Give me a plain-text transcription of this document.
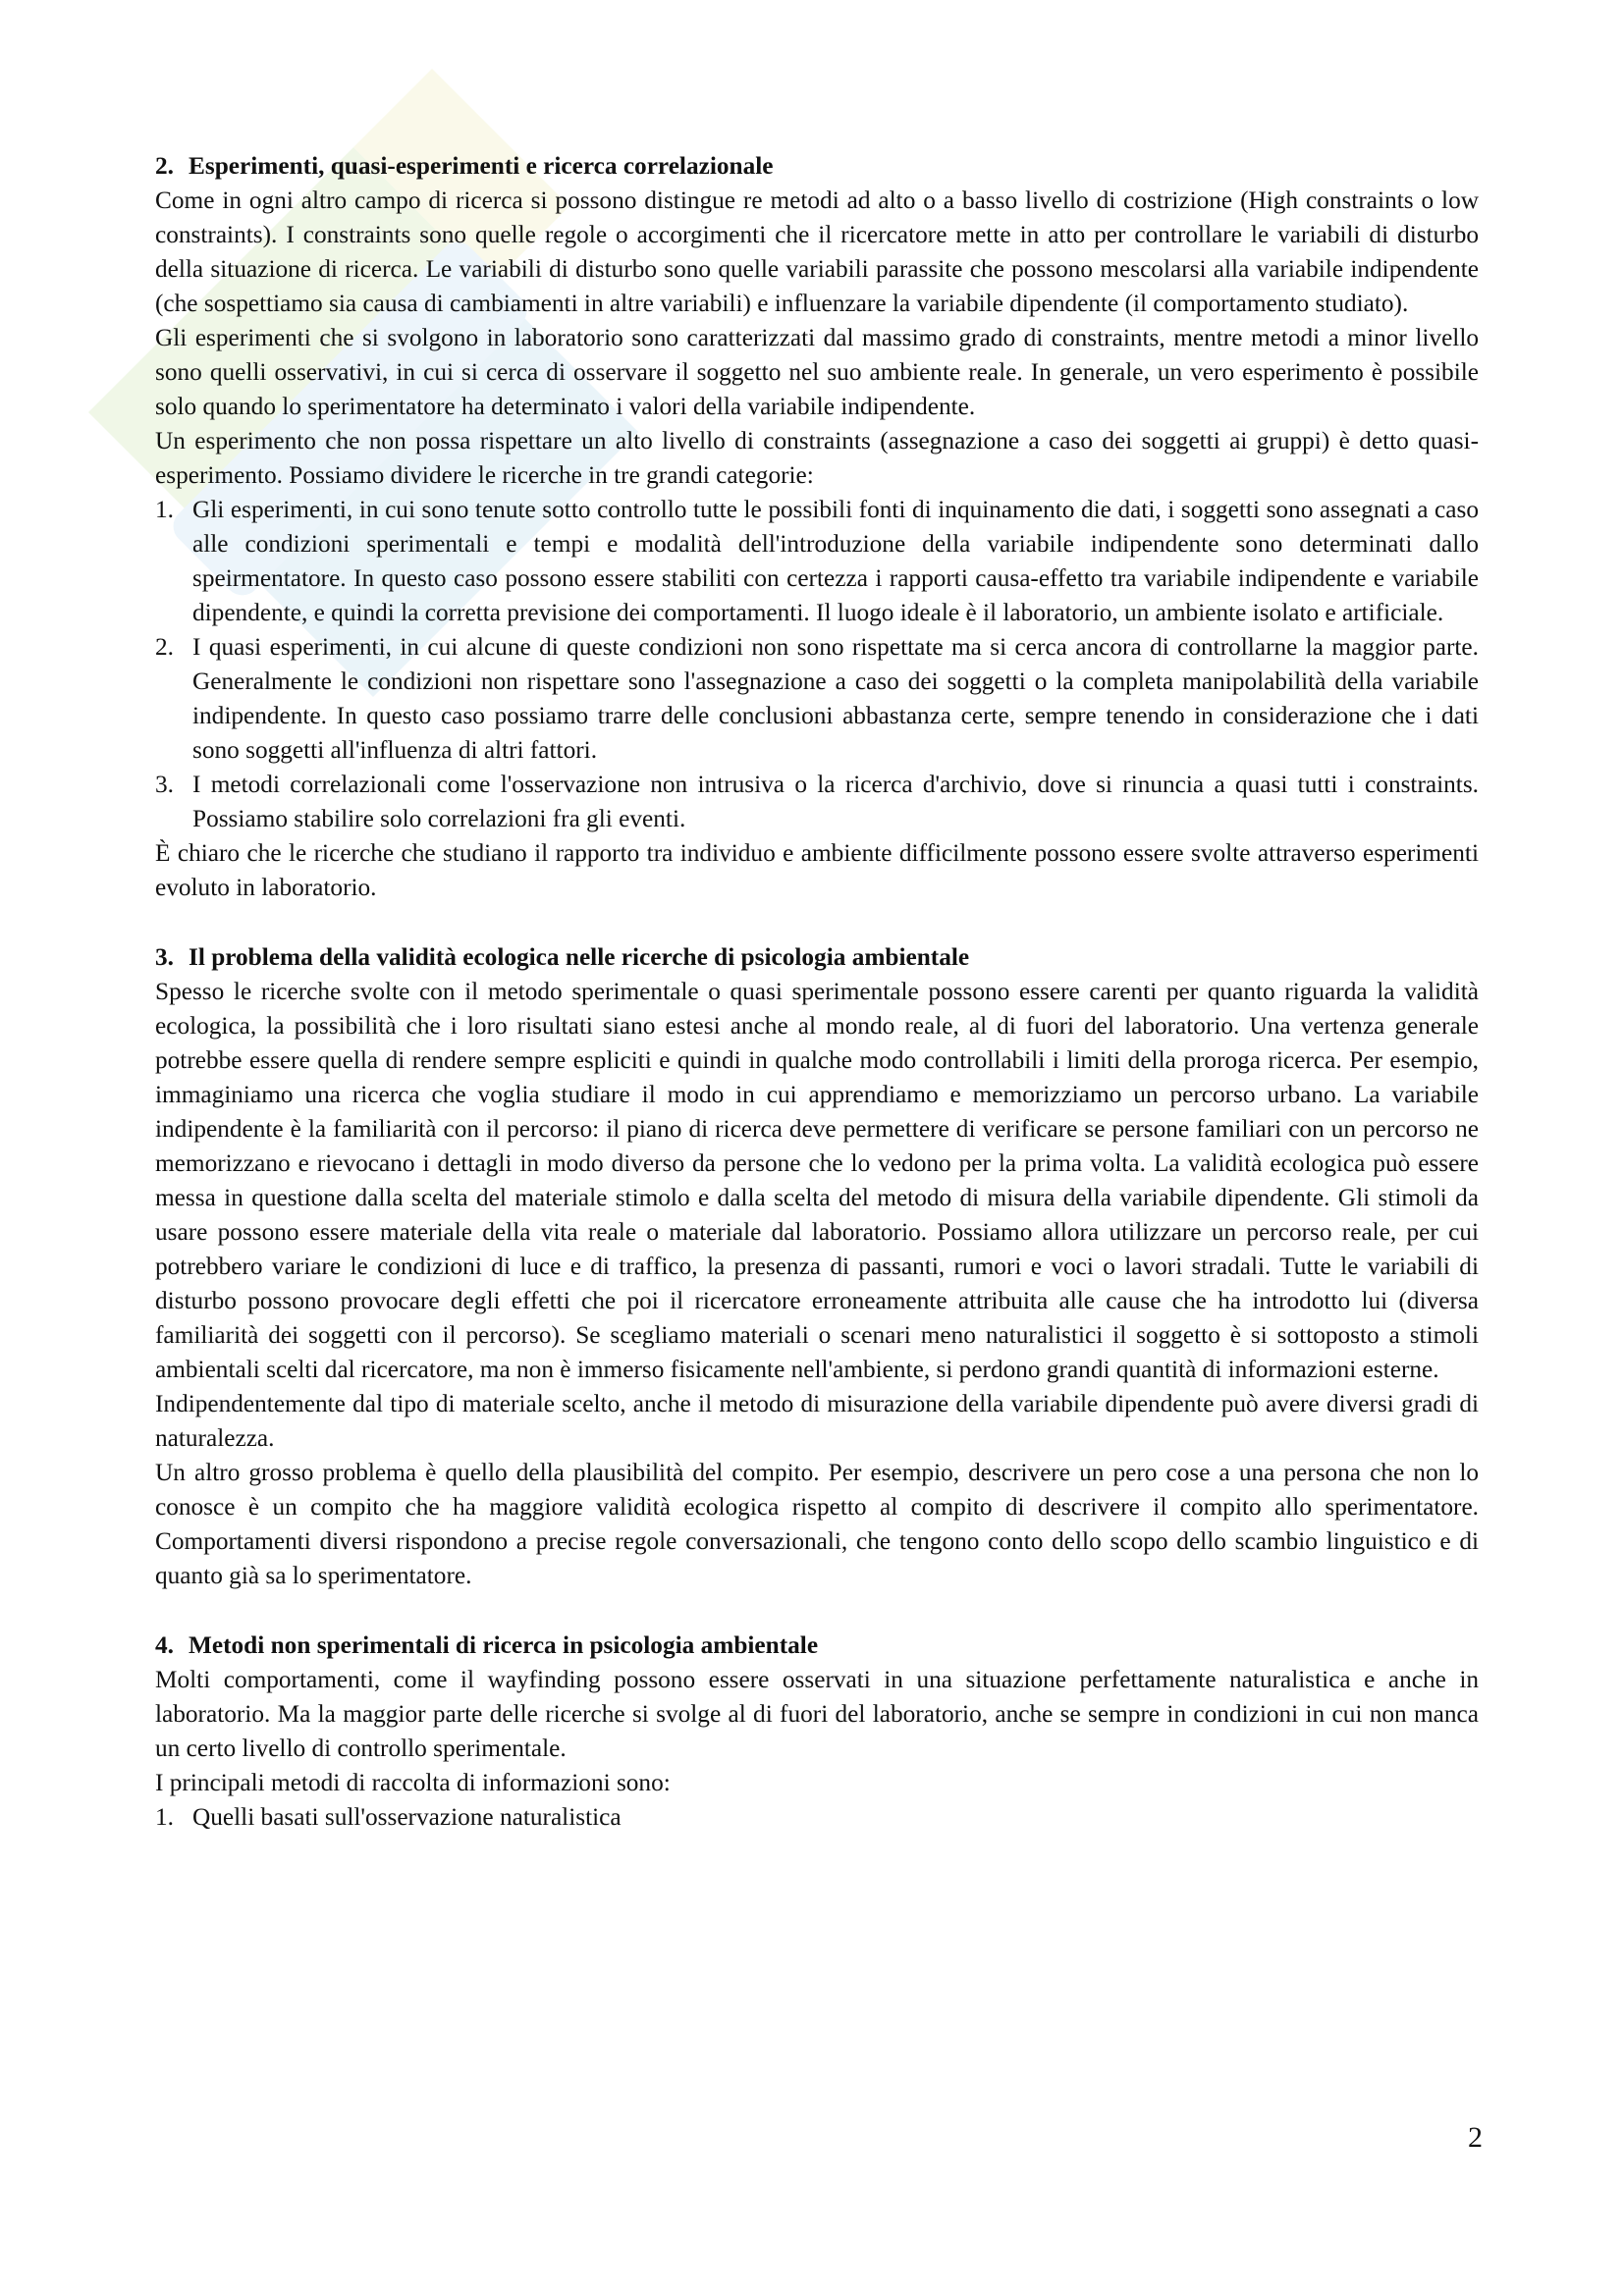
2. Esperimenti, quasi-esperimenti e ricerca correlazionale

Come in ogni altro campo di ricerca si possono distingue re metodi ad alto o a basso livello di costrizione (High constraints o low constraints). I constraints sono quelle regole o accorgimenti che il ricercatore mette in atto per controllare le variabili di disturbo della situazione di ricerca. Le variabili di disturbo sono quelle variabili parassite che possono mescolarsi alla variabile indipendente (che sospettiamo sia causa di cambiamenti in altre variabili) e influenzare la variabile dipendente (il comportamento studiato).

Gli esperimenti che si svolgono in laboratorio sono caratterizzati dal massimo grado di constraints, mentre metodi a minor livello sono quelli osservativi, in cui si cerca di osservare il soggetto nel suo ambiente reale. In generale, un vero esperimento è possibile solo quando lo sperimentatore ha determinato i valori della variabile indipendente.

Un esperimento che non possa rispettare un alto livello di constraints (assegnazione a caso dei soggetti ai gruppi) è detto quasi-esperimento. Possiamo dividere le ricerche in tre grandi categorie:

1. Gli esperimenti, in cui sono tenute sotto controllo tutte le possibili fonti di inquinamento die dati, i soggetti sono assegnati a caso alle condizioni sperimentali e tempi e modalità dell'introduzione della variabile indipendente sono determinati dallo speirmentatore. In questo caso possono essere stabiliti con certezza i rapporti causa-effetto tra variabile indipendente e variabile dipendente, e quindi la corretta previsione dei comportamenti. Il luogo ideale è il laboratorio, un ambiente isolato e artificiale.
2. I quasi esperimenti, in cui alcune di queste condizioni non sono rispettate ma si cerca ancora di controllarne la maggior parte. Generalmente le condizioni non rispettare sono l'assegnazione a caso dei soggetti o la completa manipolabilità della variabile indipendente. In questo caso possiamo trarre delle conclusioni abbastanza certe, sempre tenendo in considerazione che i dati sono soggetti all'influenza di altri fattori.
3. I metodi correlazionali come l'osservazione non intrusiva o la ricerca d'archivio, dove si rinuncia a quasi tutti i constraints. Possiamo stabilire solo correlazioni fra gli eventi.

È chiaro che le ricerche che studiano il rapporto tra individuo e ambiente difficilmente possono essere svolte attraverso esperimenti evoluto in laboratorio.

3. Il problema della validità ecologica nelle ricerche di psicologia ambientale

Spesso le ricerche svolte con il metodo sperimentale o quasi sperimentale possono essere carenti per quanto riguarda la validità ecologica, la possibilità che i loro risultati siano estesi anche al mondo reale, al di fuori del laboratorio. Una vertenza generale potrebbe essere quella di rendere sempre espliciti e quindi in qualche modo controllabili i limiti della proroga ricerca. Per esempio, immaginiamo una ricerca che voglia studiare il modo in cui apprendiamo e memorizziamo un percorso urbano. La variabile indipendente è la familiarità con il percorso: il piano di ricerca deve permettere di verificare se persone familiari con un percorso ne memorizzano e rievocano i dettagli in modo diverso da persone che lo vedono per la prima volta. La validità ecologica può essere messa in questione dalla scelta del materiale stimolo e dalla scelta del metodo di misura della variabile dipendente. Gli stimoli da usare possono essere materiale della vita reale o materiale dal laboratorio. Possiamo allora utilizzare un percorso reale, per cui potrebbero variare le condizioni di luce e di traffico, la presenza di passanti, rumori e voci o lavori stradali. Tutte le variabili di disturbo possono provocare degli effetti che poi il ricercatore erroneamente attribuita alle cause che ha introdotto lui (diversa familiarità dei soggetti con il percorso). Se scegliamo materiali o scenari meno naturalistici il soggetto è si sottoposto a stimoli ambientali scelti dal ricercatore, ma non è immerso fisicamente nell'ambiente, si perdono grandi quantità di informazioni esterne.

Indipendentemente dal tipo di materiale scelto, anche il metodo di misurazione della variabile dipendente può avere diversi gradi di naturalezza.

Un altro grosso problema è quello della plausibilità del compito. Per esempio, descrivere un pero cose a una persona che non lo conosce è un compito che ha maggiore validità ecologica rispetto al compito di descrivere il compito allo sperimentatore. Comportamenti diversi rispondono a precise regole conversazionali, che tengono conto dello scopo dello scambio linguistico e di quanto già sa lo sperimentatore.

4. Metodi non sperimentali di ricerca in psicologia ambientale

Molti comportamenti, come il wayfinding possono essere osservati in una situazione perfettamente naturalistica e anche in laboratorio. Ma la maggior parte delle ricerche si svolge al di fuori del laboratorio, anche se sempre in condizioni in cui non manca un certo livello di controllo sperimentale.

I principali metodi di raccolta di informazioni sono:

1. Quelli basati sull'osservazione naturalistica
2
